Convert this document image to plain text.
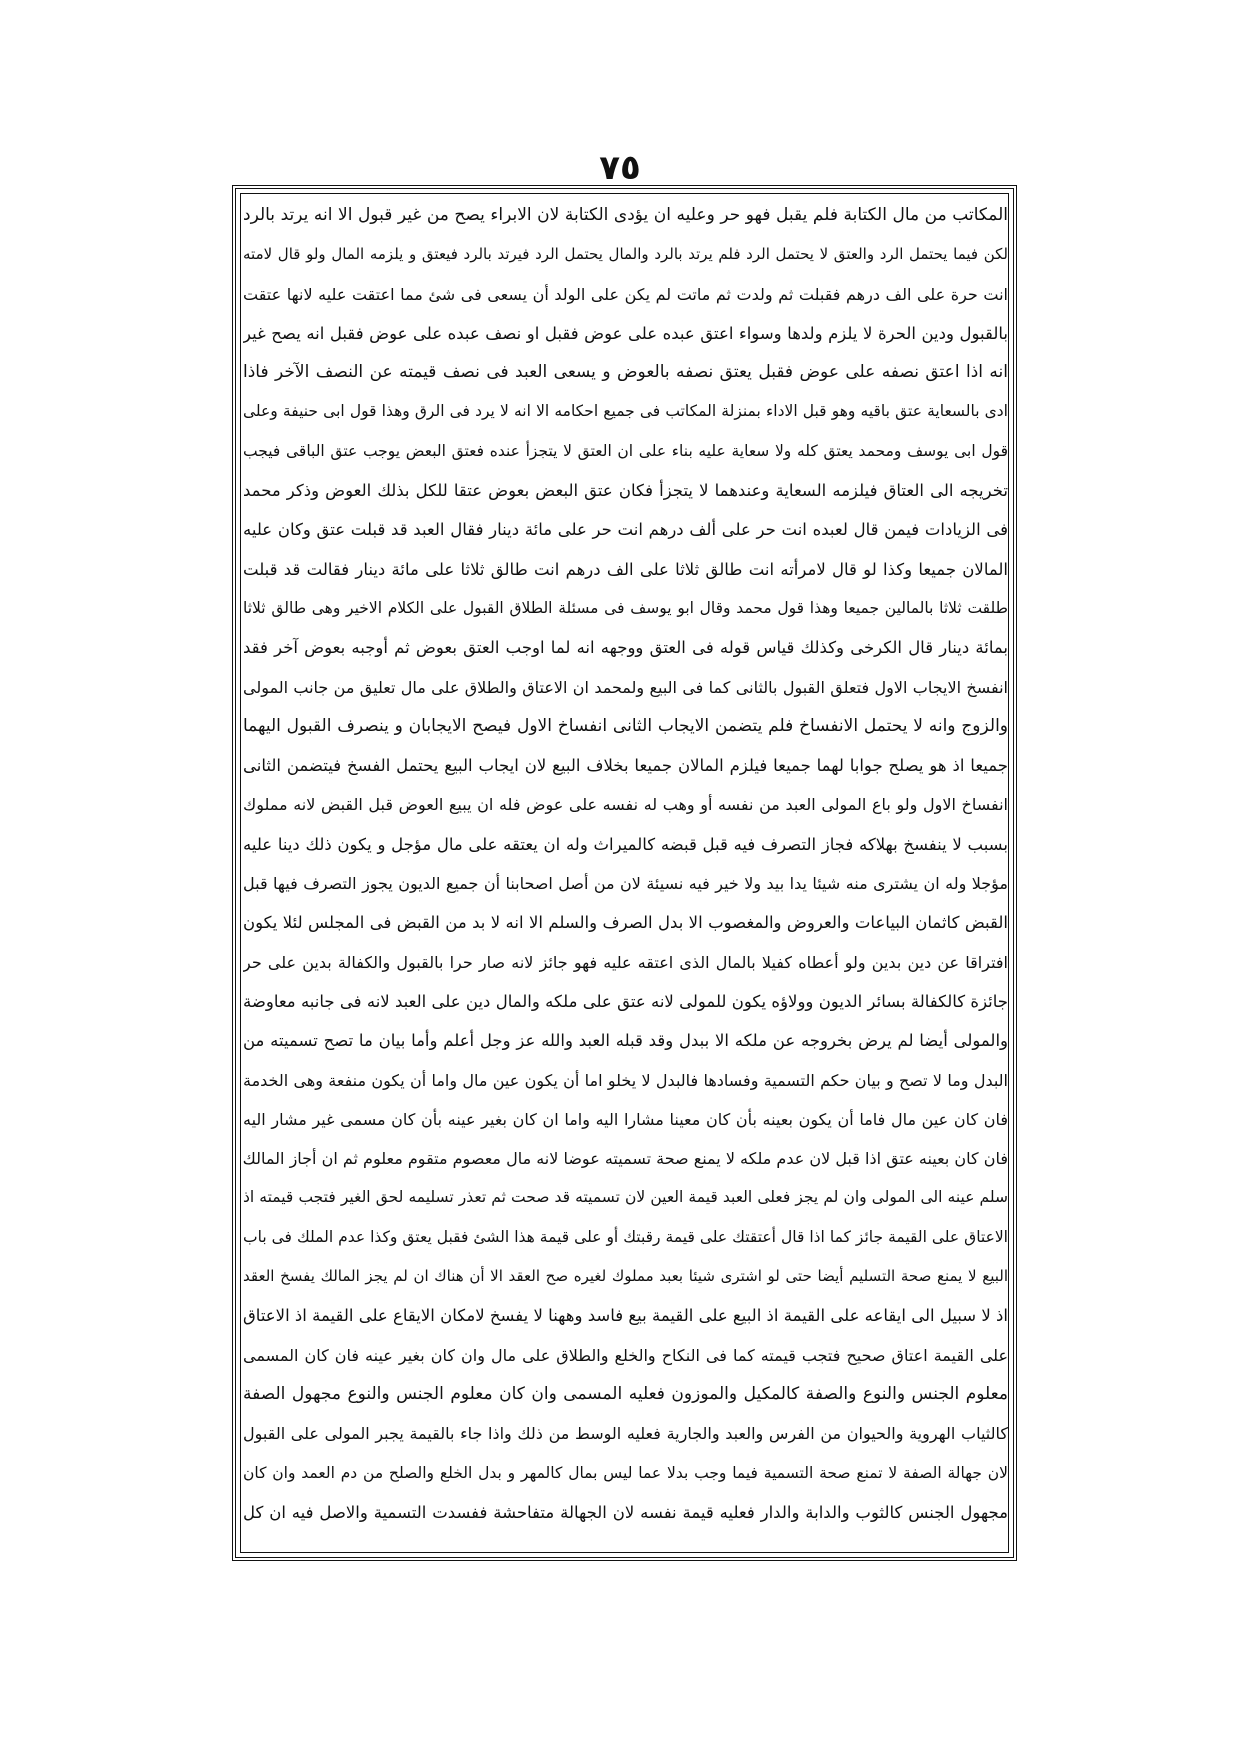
٧٥
المكاتب من مال الكتابة فلم يقبل فهو حر وعليه ان يؤدى الكتابة لان الابراء يصح من غير قبول الا انه يرتد بالرد
لكن فيما يحتمل الرد والعتق لا يحتمل الرد فلم يرتد بالرد والمال يحتمل الرد فيرتد بالرد فيعتق و يلزمه المال ولو قال لامته
انت حرة على الف درهم فقبلت ثم ولدت ثم ماتت لم يكن على الولد أن يسعى فى شئ مما اعتقت عليه لانها عتقت
بالقبول ودين الحرة لا يلزم ولدها وسواء اعتق عبده على عوض فقبل او نصف عبده على عوض فقبل انه يصح غير
انه اذا اعتق نصفه على عوض فقبل يعتق نصفه بالعوض و يسعى العبد فى نصف قيمته عن النصف الآخر فاذا
ادى بالسعاية عتق باقيه وهو قبل الاداء بمنزلة المكاتب فى جميع احكامه الا انه لا يرد فى الرق وهذا قول ابى حنيفة وعلى
قول ابى يوسف ومحمد يعتق كله ولا سعاية عليه بناء على ان العتق لا يتجزأ عنده فعتق البعض يوجب عتق الباقى فيجب
تخريجه الى العتاق فيلزمه السعاية وعندهما لا يتجزأ فكان عتق البعض بعوض عتقا للكل بذلك العوض وذكر محمد
فى الزيادات فيمن قال لعبده انت حر على ألف درهم انت حر على مائة دينار فقال العبد قد قبلت عتق وكان عليه
المالان جميعا وكذا لو قال لامرأته انت طالق ثلاثا على الف درهم انت طالق ثلاثا على مائة دينار فقالت قد قبلت
طلقت ثلاثا بالمالين جميعا وهذا قول محمد وقال ابو يوسف فى مسئلة الطلاق القبول على الكلام الاخير وهى طالق ثلاثا
بمائة دينار قال الكرخى وكذلك قياس قوله فى العتق ووجهه انه لما اوجب العتق بعوض ثم أوجبه بعوض آخر فقد
انفسخ الايجاب الاول فتعلق القبول بالثانى كما فى البيع ولمحمد ان الاعتاق والطلاق على مال تعليق من جانب المولى
والزوج وانه لا يحتمل الانفساخ فلم يتضمن الايجاب الثانى انفساخ الاول فيصح الايجابان و ينصرف القبول اليهما
جميعا اذ هو يصلح جوابا لهما جميعا فيلزم المالان جميعا بخلاف البيع لان ايجاب البيع يحتمل الفسخ فيتضمن الثانى
انفساخ الاول ولو باع المولى العبد من نفسه أو وهب له نفسه على عوض فله ان يبيع العوض قبل القبض لانه مملوك
بسبب لا ينفسخ بهلاكه فجاز التصرف فيه قبل قبضه كالميراث وله ان يعتقه على مال مؤجل و يكون ذلك دينا عليه
مؤجلا وله ان يشترى منه شيئا يدا بيد ولا خير فيه نسيئة لان من أصل اصحابنا أن جميع الديون يجوز التصرف فيها قبل
القبض كاثمان البياعات والعروض والمغصوب الا بدل الصرف والسلم الا انه لا بد من القبض فى المجلس لئلا يكون
افتراقا عن دين بدين ولو أعطاه كفيلا بالمال الذى اعتقه عليه فهو جائز لانه صار حرا بالقبول والكفالة بدين على حر
جائزة كالكفالة بسائر الديون وولاؤه يكون للمولى لانه عتق على ملكه والمال دين على العبد لانه فى جانبه معاوضة
والمولى أيضا لم يرض بخروجه عن ملكه الا ببدل وقد قبله العبد والله عز وجل أعلم وأما بيان ما تصح تسميته من
البدل وما لا تصح و بيان حكم التسمية وفسادها فالبدل لا يخلو اما أن يكون عين مال واما أن يكون منفعة وهى الخدمة
فان كان عين مال فاما أن يكون بعينه بأن كان معينا مشارا اليه واما ان كان بغير عينه بأن كان مسمى غير مشار اليه
فان كان بعينه عتق اذا قبل لان عدم ملكه لا يمنع صحة تسميته عوضا لانه مال معصوم متقوم معلوم ثم ان أجاز المالك
سلم عينه الى المولى وان لم يجز فعلى العبد قيمة العين لان تسميته قد صحت ثم تعذر تسليمه لحق الغير فتجب قيمته اذ
الاعتاق على القيمة جائز كما اذا قال أعتقتك على قيمة رقبتك أو على قيمة هذا الشئ فقبل يعتق وكذا عدم الملك فى باب
البيع لا يمنع صحة التسليم أيضا حتى لو اشترى شيئا بعبد مملوك لغيره صح العقد الا أن هناك ان لم يجز المالك يفسخ العقد
اذ لا سبيل الى ايقاعه على القيمة اذ البيع على القيمة بيع فاسد وههنا لا يفسخ لامكان الايقاع على القيمة اذ الاعتاق
على القيمة اعتاق صحيح فتجب قيمته كما فى النكاح والخلع والطلاق على مال وان كان بغير عينه فان كان المسمى
معلوم الجنس والنوع والصفة كالمكيل والموزون فعليه المسمى وان كان معلوم الجنس والنوع مجهول الصفة
كالثياب الهروية والحيوان من الفرس والعبد والجارية فعليه الوسط من ذلك واذا جاء بالقيمة يجبر المولى على القبول
لان جهالة الصفة لا تمنع صحة التسمية فيما وجب بدلا عما ليس بمال كالمهر و بدل الخلع والصلح من دم العمد وان كان
مجهول الجنس كالثوب والدابة والدار فعليه قيمة نفسه لان الجهالة متفاحشة ففسدت التسمية والاصل فيه ان كل
